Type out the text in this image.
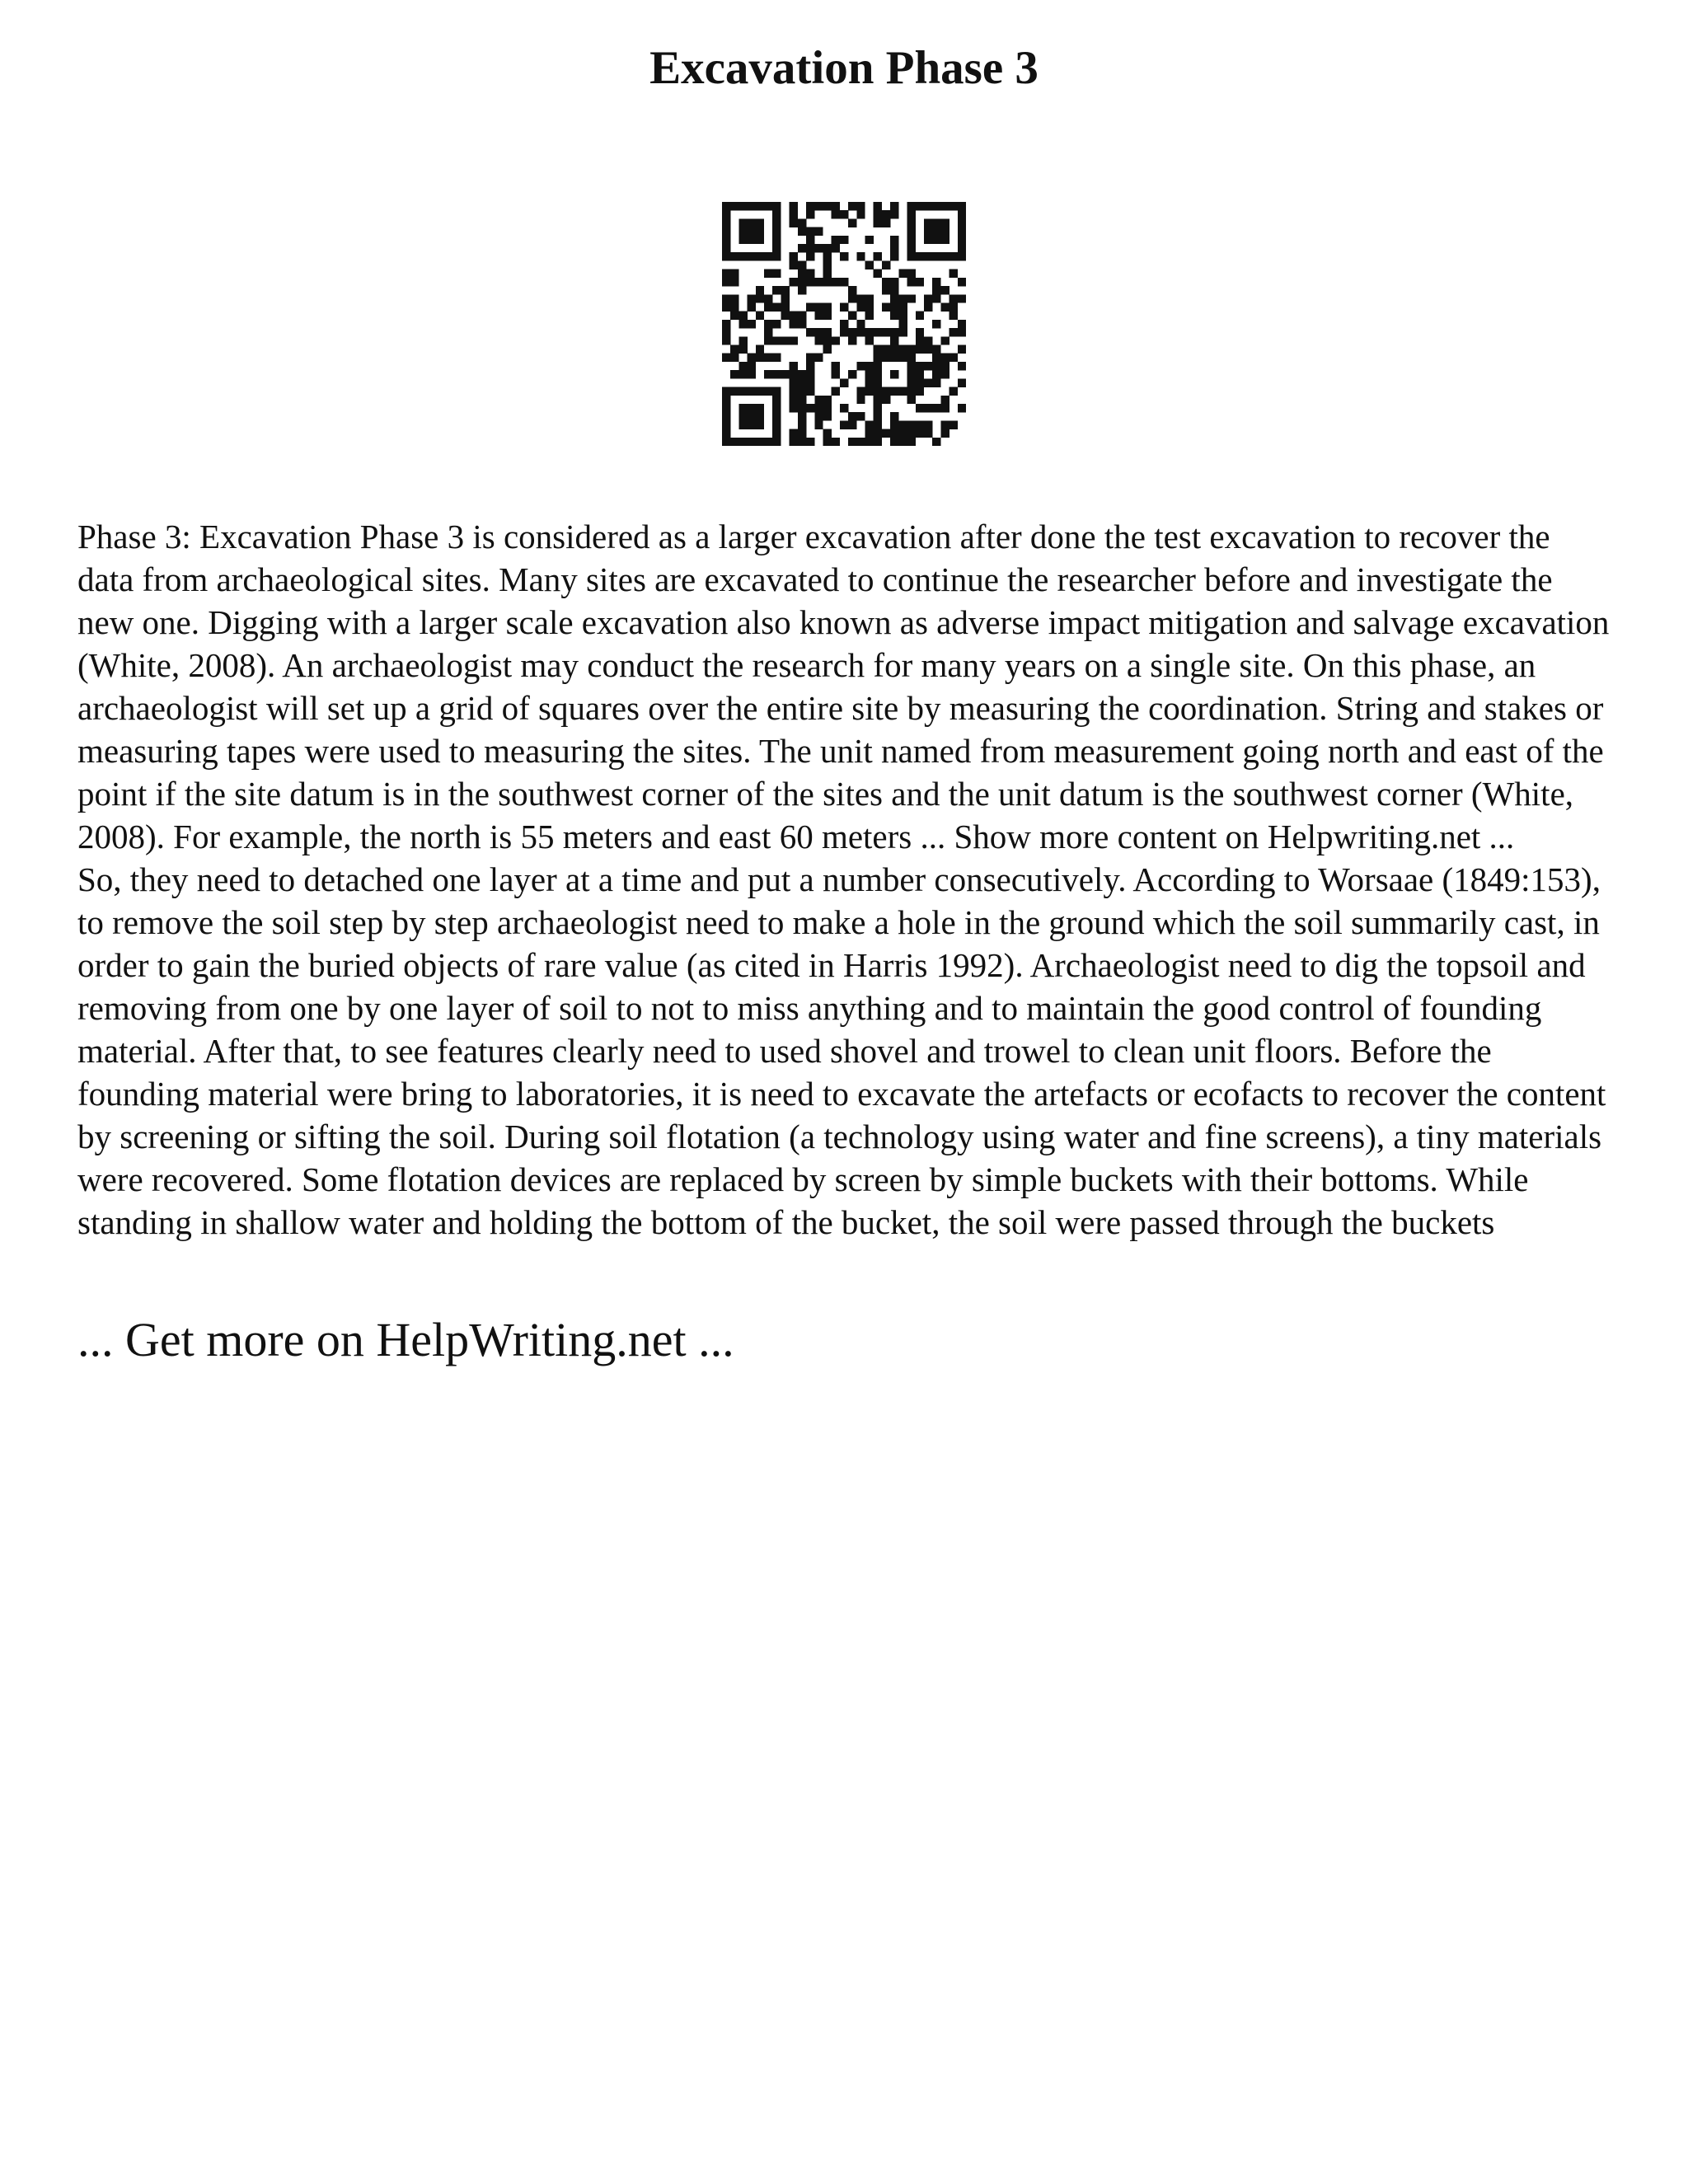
Excavation Phase 3

Phase 3: Excavation Phase 3 is considered as a larger excavation after done the test excavation to recover the data from archaeological sites. Many sites are excavated to continue the researcher before and investigate the new one. Digging with a larger scale excavation also known as adverse impact mitigation and salvage excavation (White, 2008). An archaeologist may conduct the research for many years on a single site. On this phase, an archaeologist will set up a grid of squares over the entire site by measuring the coordination. String and stakes or measuring tapes were used to measuring the sites. The unit named from measurement going north and east of the point if the site datum is in the southwest corner of the sites and the unit datum is the southwest corner (White, 2008). For example, the north is 55 meters and east 60 meters ... Show more content on Helpwriting.net ...

So, they need to detached one layer at a time and put a number consecutively. According to Worsaae (1849:153), to remove the soil step by step archaeologist need to make a hole in the ground which the soil summarily cast, in order to gain the buried objects of rare value (as cited in Harris 1992). Archaeologist need to dig the topsoil and removing from one by one layer of soil to not to miss anything and to maintain the good control of founding material. After that, to see features clearly need to used shovel and trowel to clean unit floors. Before the founding material were bring to laboratories, it is need to excavate the artefacts or ecofacts to recover the content by screening or sifting the soil. During soil flotation (a technology using water and fine screens), a tiny materials were recovered. Some flotation devices are replaced by screen by simple buckets with their bottoms. While standing in shallow water and holding the bottom of the bucket, the soil were passed through the buckets

... Get more on HelpWriting.net ...
